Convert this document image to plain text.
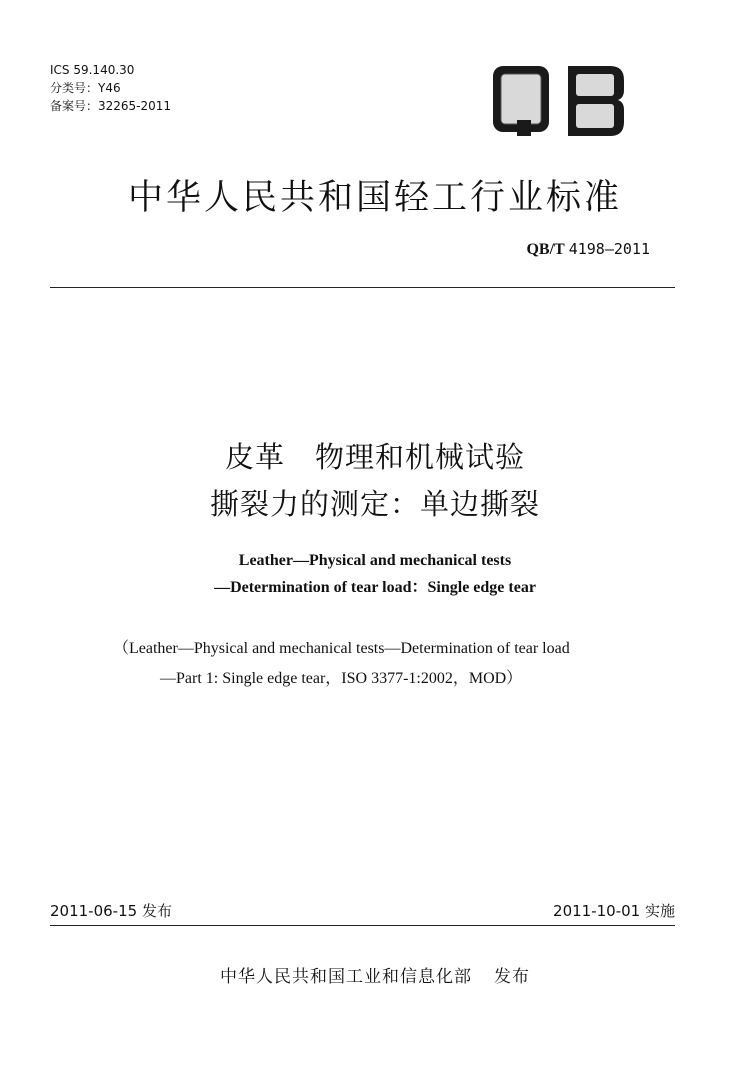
ICS 59.140.30
分类号：Y46
备案号：32265-2011
中华人民共和国轻工行业标准
QB/T 4198—2011
皮革　物理和机械试验
撕裂力的测定：单边撕裂
Leather—Physical and mechanical tests
—Determination of tear load：Single edge tear
（Leather—Physical and mechanical tests—Determination of tear load
—Part 1: Single edge tear，ISO 3377-1:2002，MOD）
2011-06-15 发布	2011-10-01 实施
中华人民共和国工业和信息化部 发布
